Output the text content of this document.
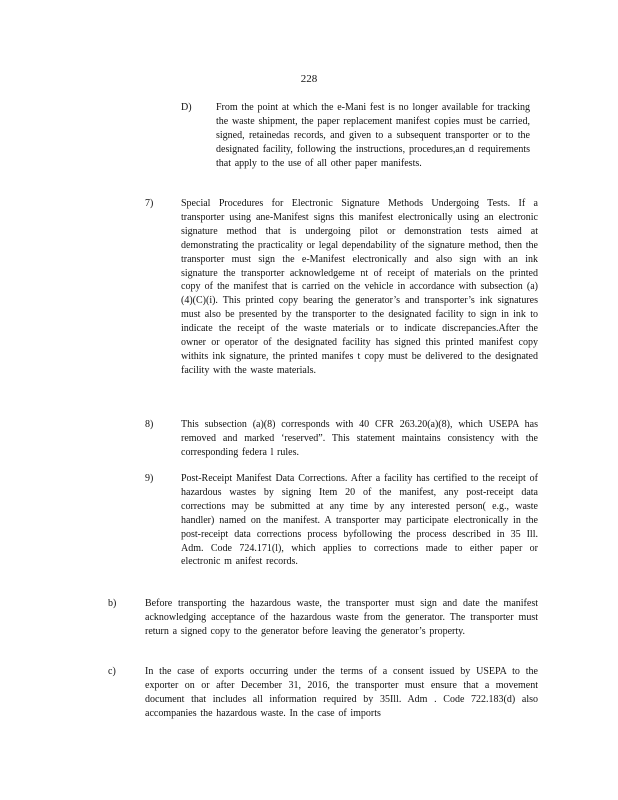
228
D) From the point at which the e-Mani fest is no longer available for tracking the waste shipment, the paper replacement manifest copies must be carried, signed, retainedas records, and given to a subsequent transporter or to the designated facility, following the instructions, procedures,an d requirements that apply to the use of all other paper manifests.
7)	Special Procedures for Electronic Signature Methods Undergoing Tests. If a transporter using ane-Manifest signs this manifest electronically using an electronic signature method that is undergoing pilot or demonstration tests aimed at demonstrating the practicality or legal dependability of the signature method, then the transporter must sign the e-Manifest electronically and also sign with an ink signature the transporter acknowledgeme nt of receipt of materials on the printed copy of the manifest that is carried on the vehicle in accordance with subsection (a)(4)(C)(i). This printed copy bearing the generator’s and transporter’s ink signatures must also be presented by the transporter to the designated facility to sign in ink to indicate the receipt of the waste materials or to indicate discrepancies.After the owner or operator of the designated facility has signed this printed manifest copy withits ink signature, the printed manifes t copy must be delivered to the designated facility with the waste materials.
8)	This subsection (a)(8) corresponds with 40 CFR 263.20(a)(8), which USEPA has removed and marked ‘reserved”. This statement maintains consistency with the corresponding federa l rules.
9)	Post-Receipt Manifest Data Corrections. After a facility has certified to the receipt of hazardous wastes by signing Item 20 of the manifest, any post-receipt data corrections may be submitted at any time by any interested person( e.g., waste handler) named on the manifest. A transporter may participate electronically in the post-receipt data corrections process byfollowing the process described in 35 Ill. Adm. Code 724.171(l), which applies to corrections made to either paper or electronic m anifest records.
b)	Before transporting the hazardous waste, the transporter must sign and date the manifest acknowledging acceptance of the hazardous waste from the generator. The transporter must return a signed copy to the generator before leaving the generator’s property.
c)	In the case of exports occurring under the terms of a consent issued by USEPA to the exporter on or after December 31, 2016, the transporter must ensure that a movement document that includes all information required by 35Ill. Adm . Code 722.183(d) also accompanies the hazardous waste. In the case of imports
